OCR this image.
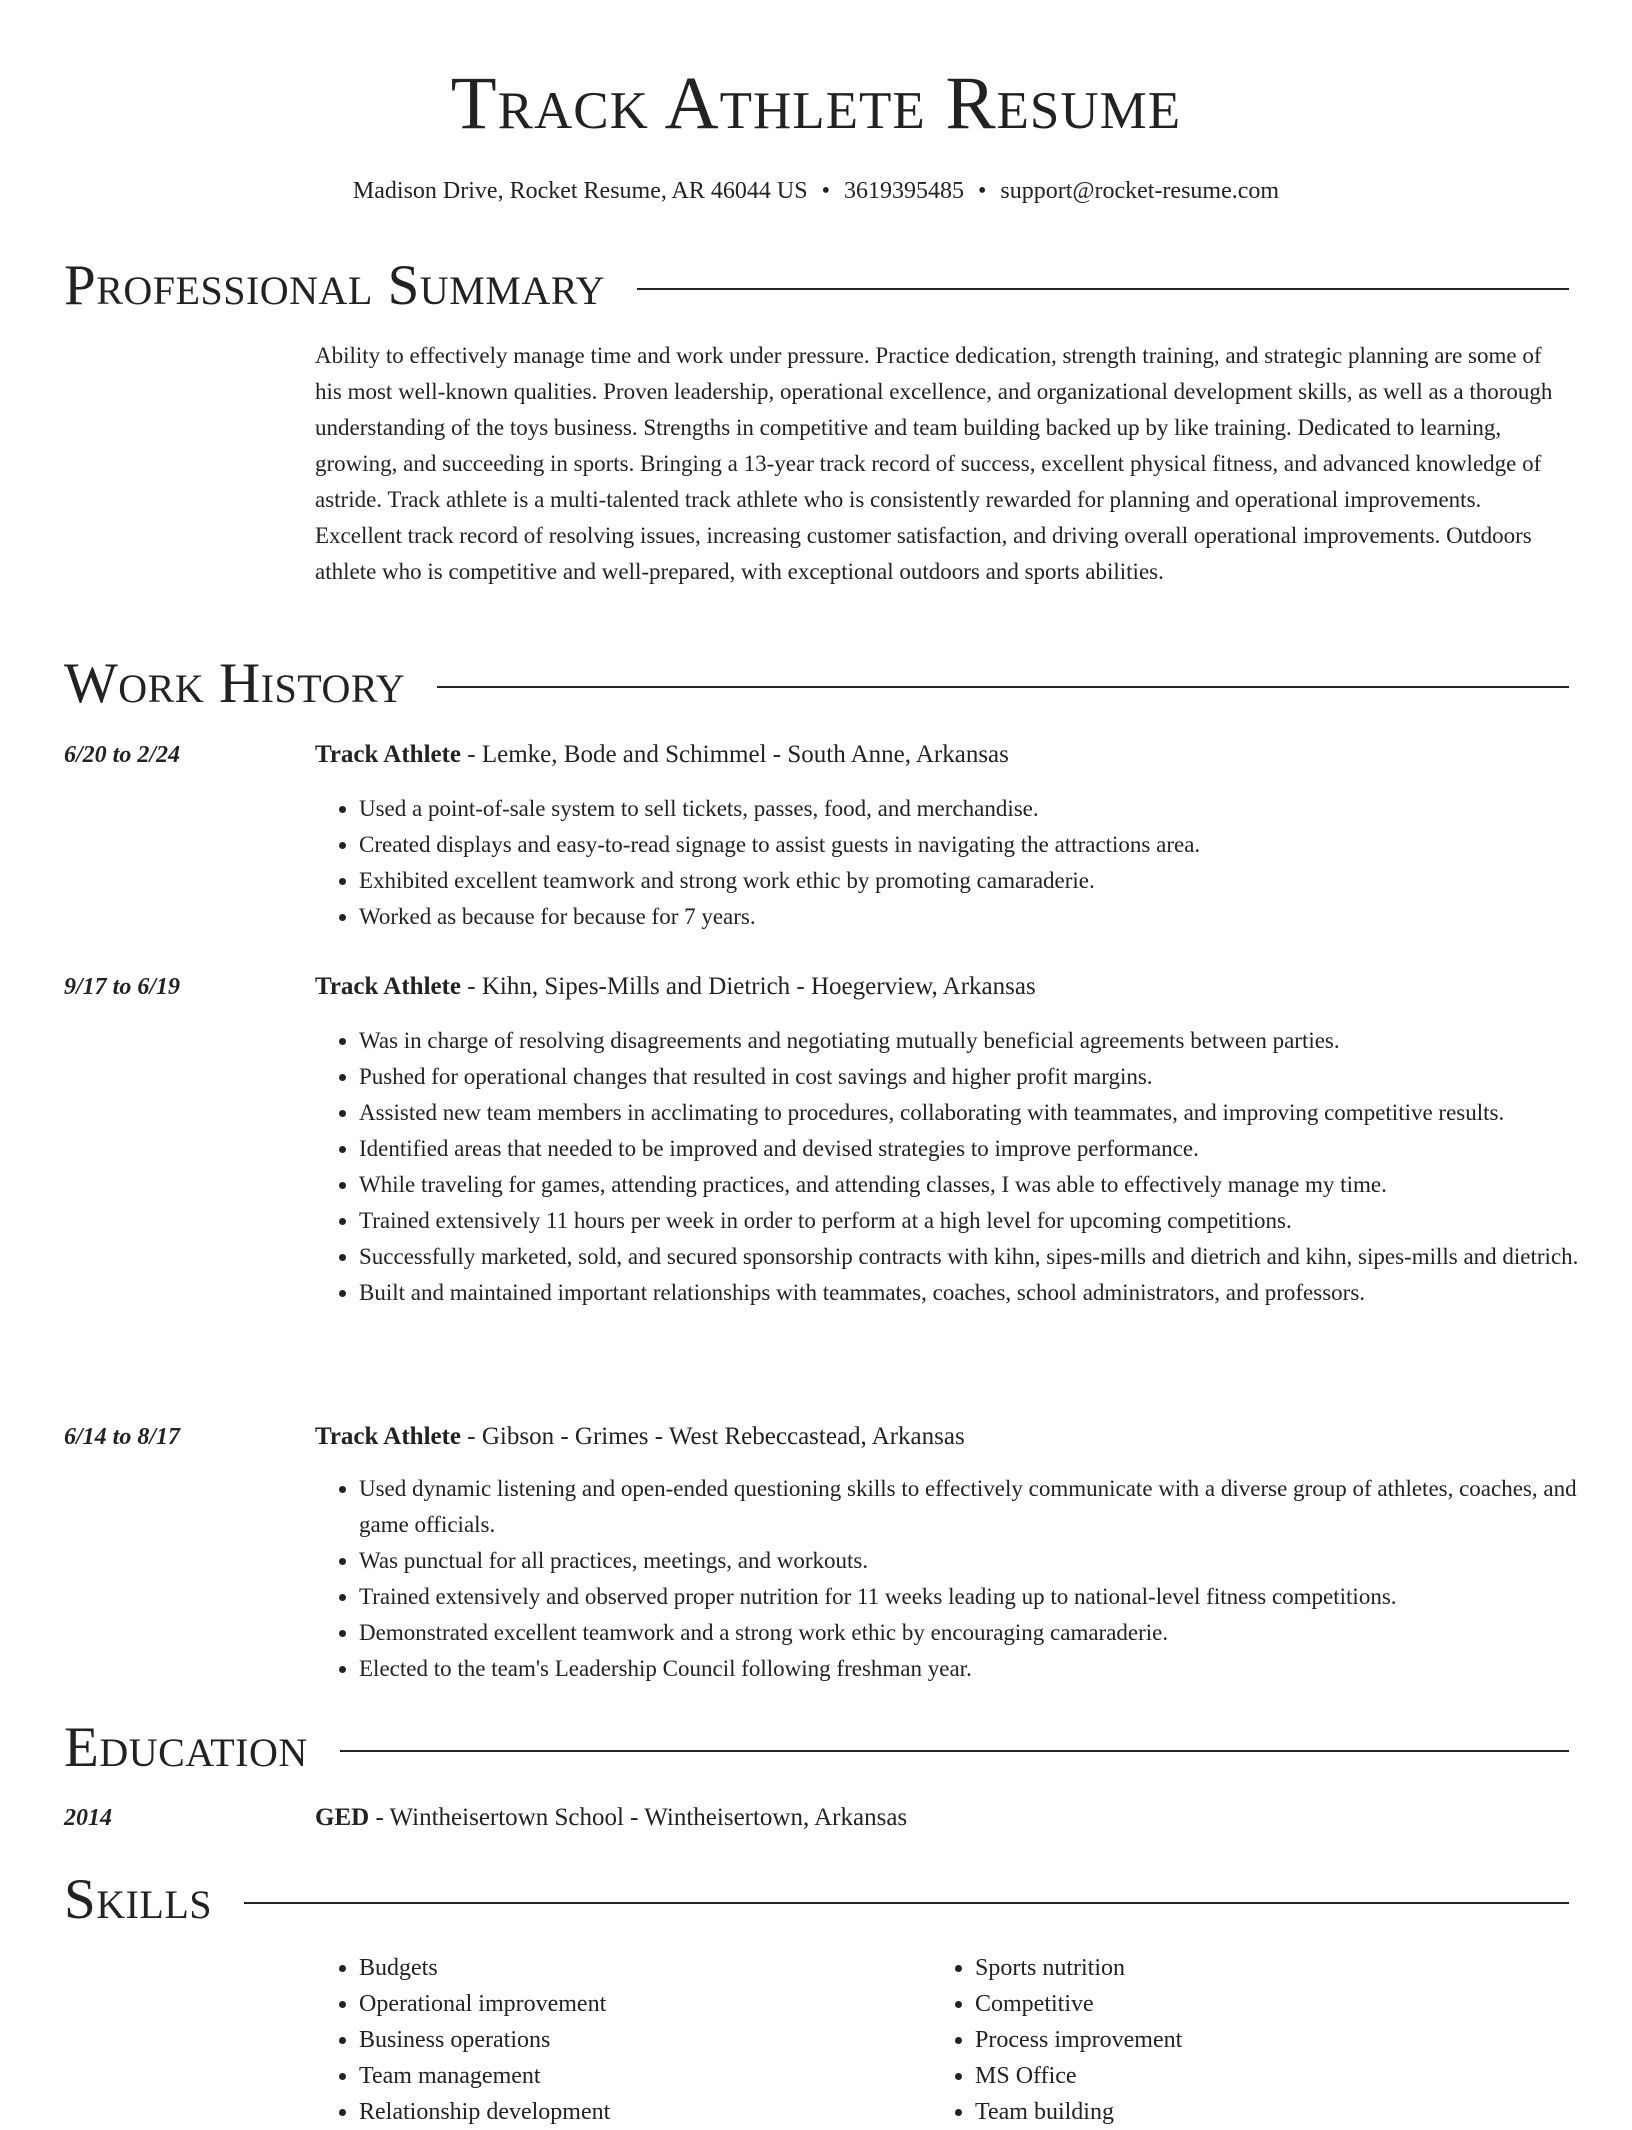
Track Athlete Resume
Madison Drive, Rocket Resume, AR 46044 US • 3619395485 • support@rocket-resume.com
Professional Summary

Ability to effectively manage time and work under pressure. Practice dedication, strength training, and strategic planning are some of his most well-known qualities. Proven leadership, operational excellence, and organizational development skills, as well as a thorough understanding of the toys business. Strengths in competitive and team building backed up by like training. Dedicated to learning, growing, and succeeding in sports. Bringing a 13-year track record of success, excellent physical fitness, and advanced knowledge of astride. Track athlete is a multi-talented track athlete who is consistently rewarded for planning and operational improvements. Excellent track record of resolving issues, increasing customer satisfaction, and driving overall operational improvements. Outdoors athlete who is competitive and well-prepared, with exceptional outdoors and sports abilities.

Work History
6/20 to 2/24	Track Athlete - Lemke, Bode and Schimmel - South Anne, Arkansas
• Used a point-of-sale system to sell tickets, passes, food, and merchandise.
• Created displays and easy-to-read signage to assist guests in navigating the attractions area.
• Exhibited excellent teamwork and strong work ethic by promoting camaraderie.
• Worked as because for because for 7 years.
9/17 to 6/19	Track Athlete - Kihn, Sipes-Mills and Dietrich - Hoegerview, Arkansas
• Was in charge of resolving disagreements and negotiating mutually beneficial agreements between parties.
• Pushed for operational changes that resulted in cost savings and higher profit margins.
• Assisted new team members in acclimating to procedures, collaborating with teammates, and improving competitive results.
• Identified areas that needed to be improved and devised strategies to improve performance.
• While traveling for games, attending practices, and attending classes, I was able to effectively manage my time.
• Trained extensively 11 hours per week in order to perform at a high level for upcoming competitions.
• Successfully marketed, sold, and secured sponsorship contracts with kihn, sipes-mills and dietrich and kihn, sipes-mills and dietrich.
• Built and maintained important relationships with teammates, coaches, school administrators, and professors.
6/14 to 8/17	Track Athlete - Gibson - Grimes - West Rebeccastead, Arkansas
• Used dynamic listening and open-ended questioning skills to effectively communicate with a diverse group of athletes, coaches, and game officials.
• Was punctual for all practices, meetings, and workouts.
• Trained extensively and observed proper nutrition for 11 weeks leading up to national-level fitness competitions.
• Demonstrated excellent teamwork and a strong work ethic by encouraging camaraderie.
• Elected to the team's Leadership Council following freshman year.
Education
2014	GED - Wintheisertown School - Wintheisertown, Arkansas
Skills
• Budgets
• Operational improvement
• Business operations
• Team management
• Relationship development
• Sports nutrition
• Competitive
• Process improvement
• MS Office
• Team building
